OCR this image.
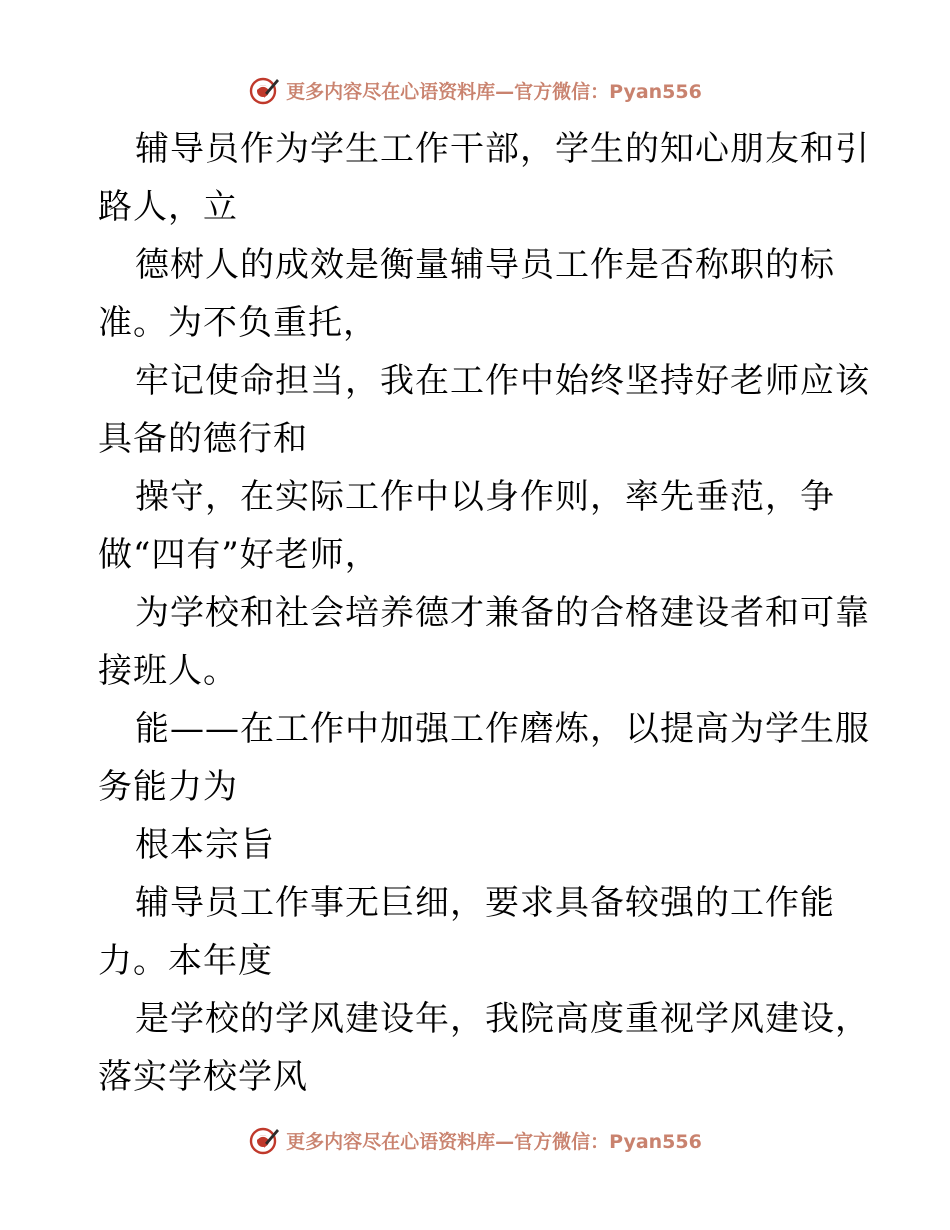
更多内容尽在心语资料库—官方微信：Pyan556
辅导员作为学生工作干部，学生的知心朋友和引
路人，立
德树人的成效是衡量辅导员工作是否称职的标
准。为不负重托，
牢记使命担当，我在工作中始终坚持好老师应该
具备的德行和
操守，在实际工作中以身作则，率先垂范，争
做“四有”好老师，
为学校和社会培养德才兼备的合格建设者和可靠
接班人。
能——在工作中加强工作磨炼，以提高为学生服
务能力为
根本宗旨
辅导员工作事无巨细，要求具备较强的工作能
力。本年度
是学校的学风建设年，我院高度重视学风建设，
落实学校学风
更多内容尽在心语资料库—官方微信：Pyan556
